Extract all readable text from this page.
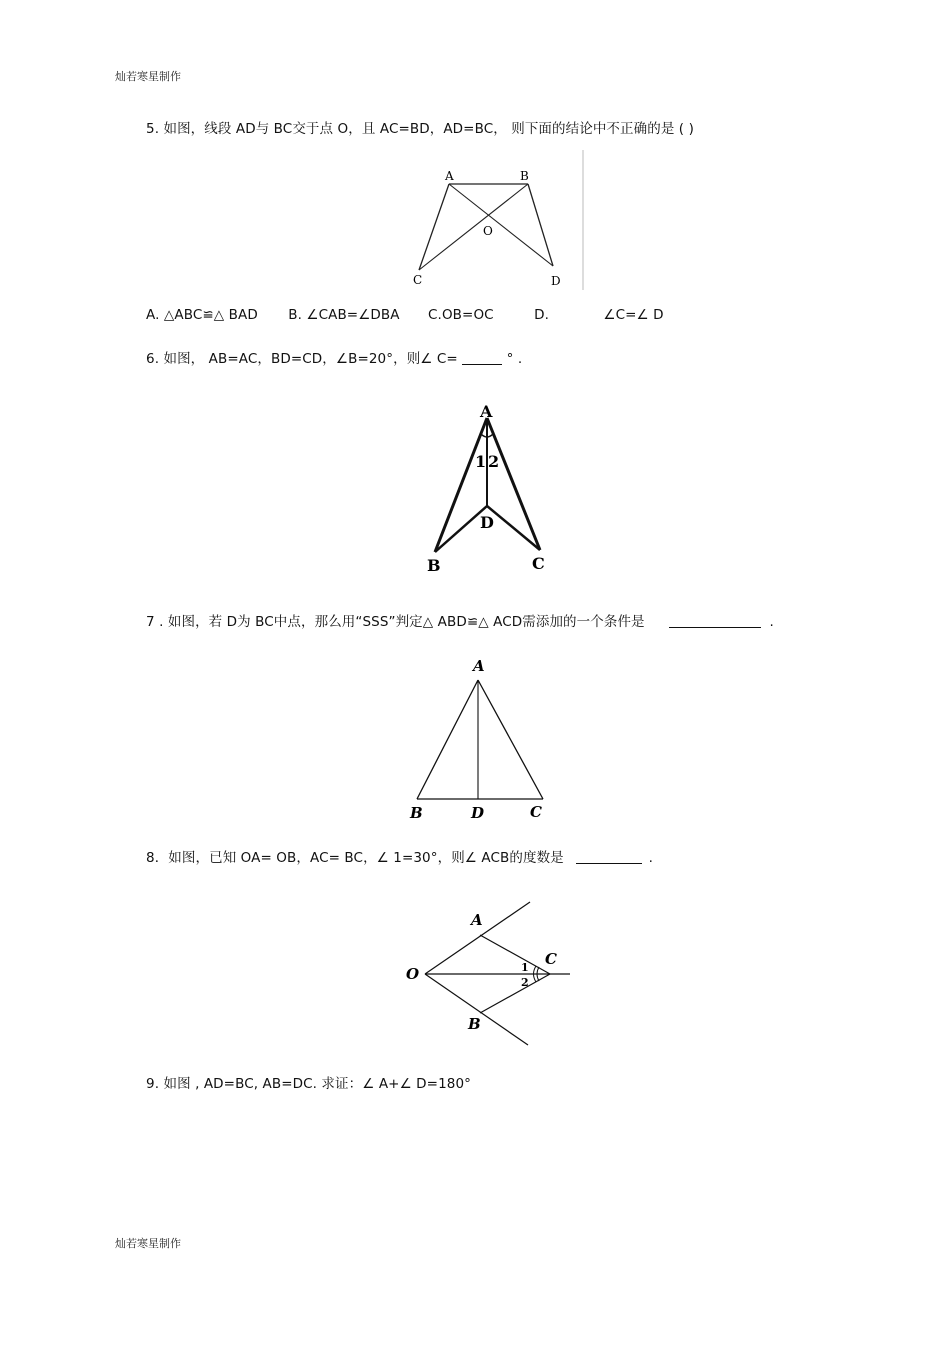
灿若寒星制作
5. 如图，线段 AD与 BC交于点 O，且 AC=BD，AD=BC， 则下面的结论中不正确的是 ( )
A	B
O
C	D
A. △ABC≌△ BAD B. ∠CAB=∠DBA C.OB=OC	D.	∠C=∠ D
6. 如图， AB=AC，BD=CD，∠B=20°，则∠ C=	° .
A
1 2
D
B	C
7 . 如图，若 D为 BC中点，那么用“SSS”判定△ ABD≌△ ACD需添加的一个条件是	.
A
B	D	C
8．如图，已知 OA= OB，AC= BC，∠ 1=30°，则∠ ACB的度数是	.
A
O
C
1
2
B
9. 如图 , AD=BC, AB=DC. 求证：∠ A+∠ D=180°
灿若寒星制作
